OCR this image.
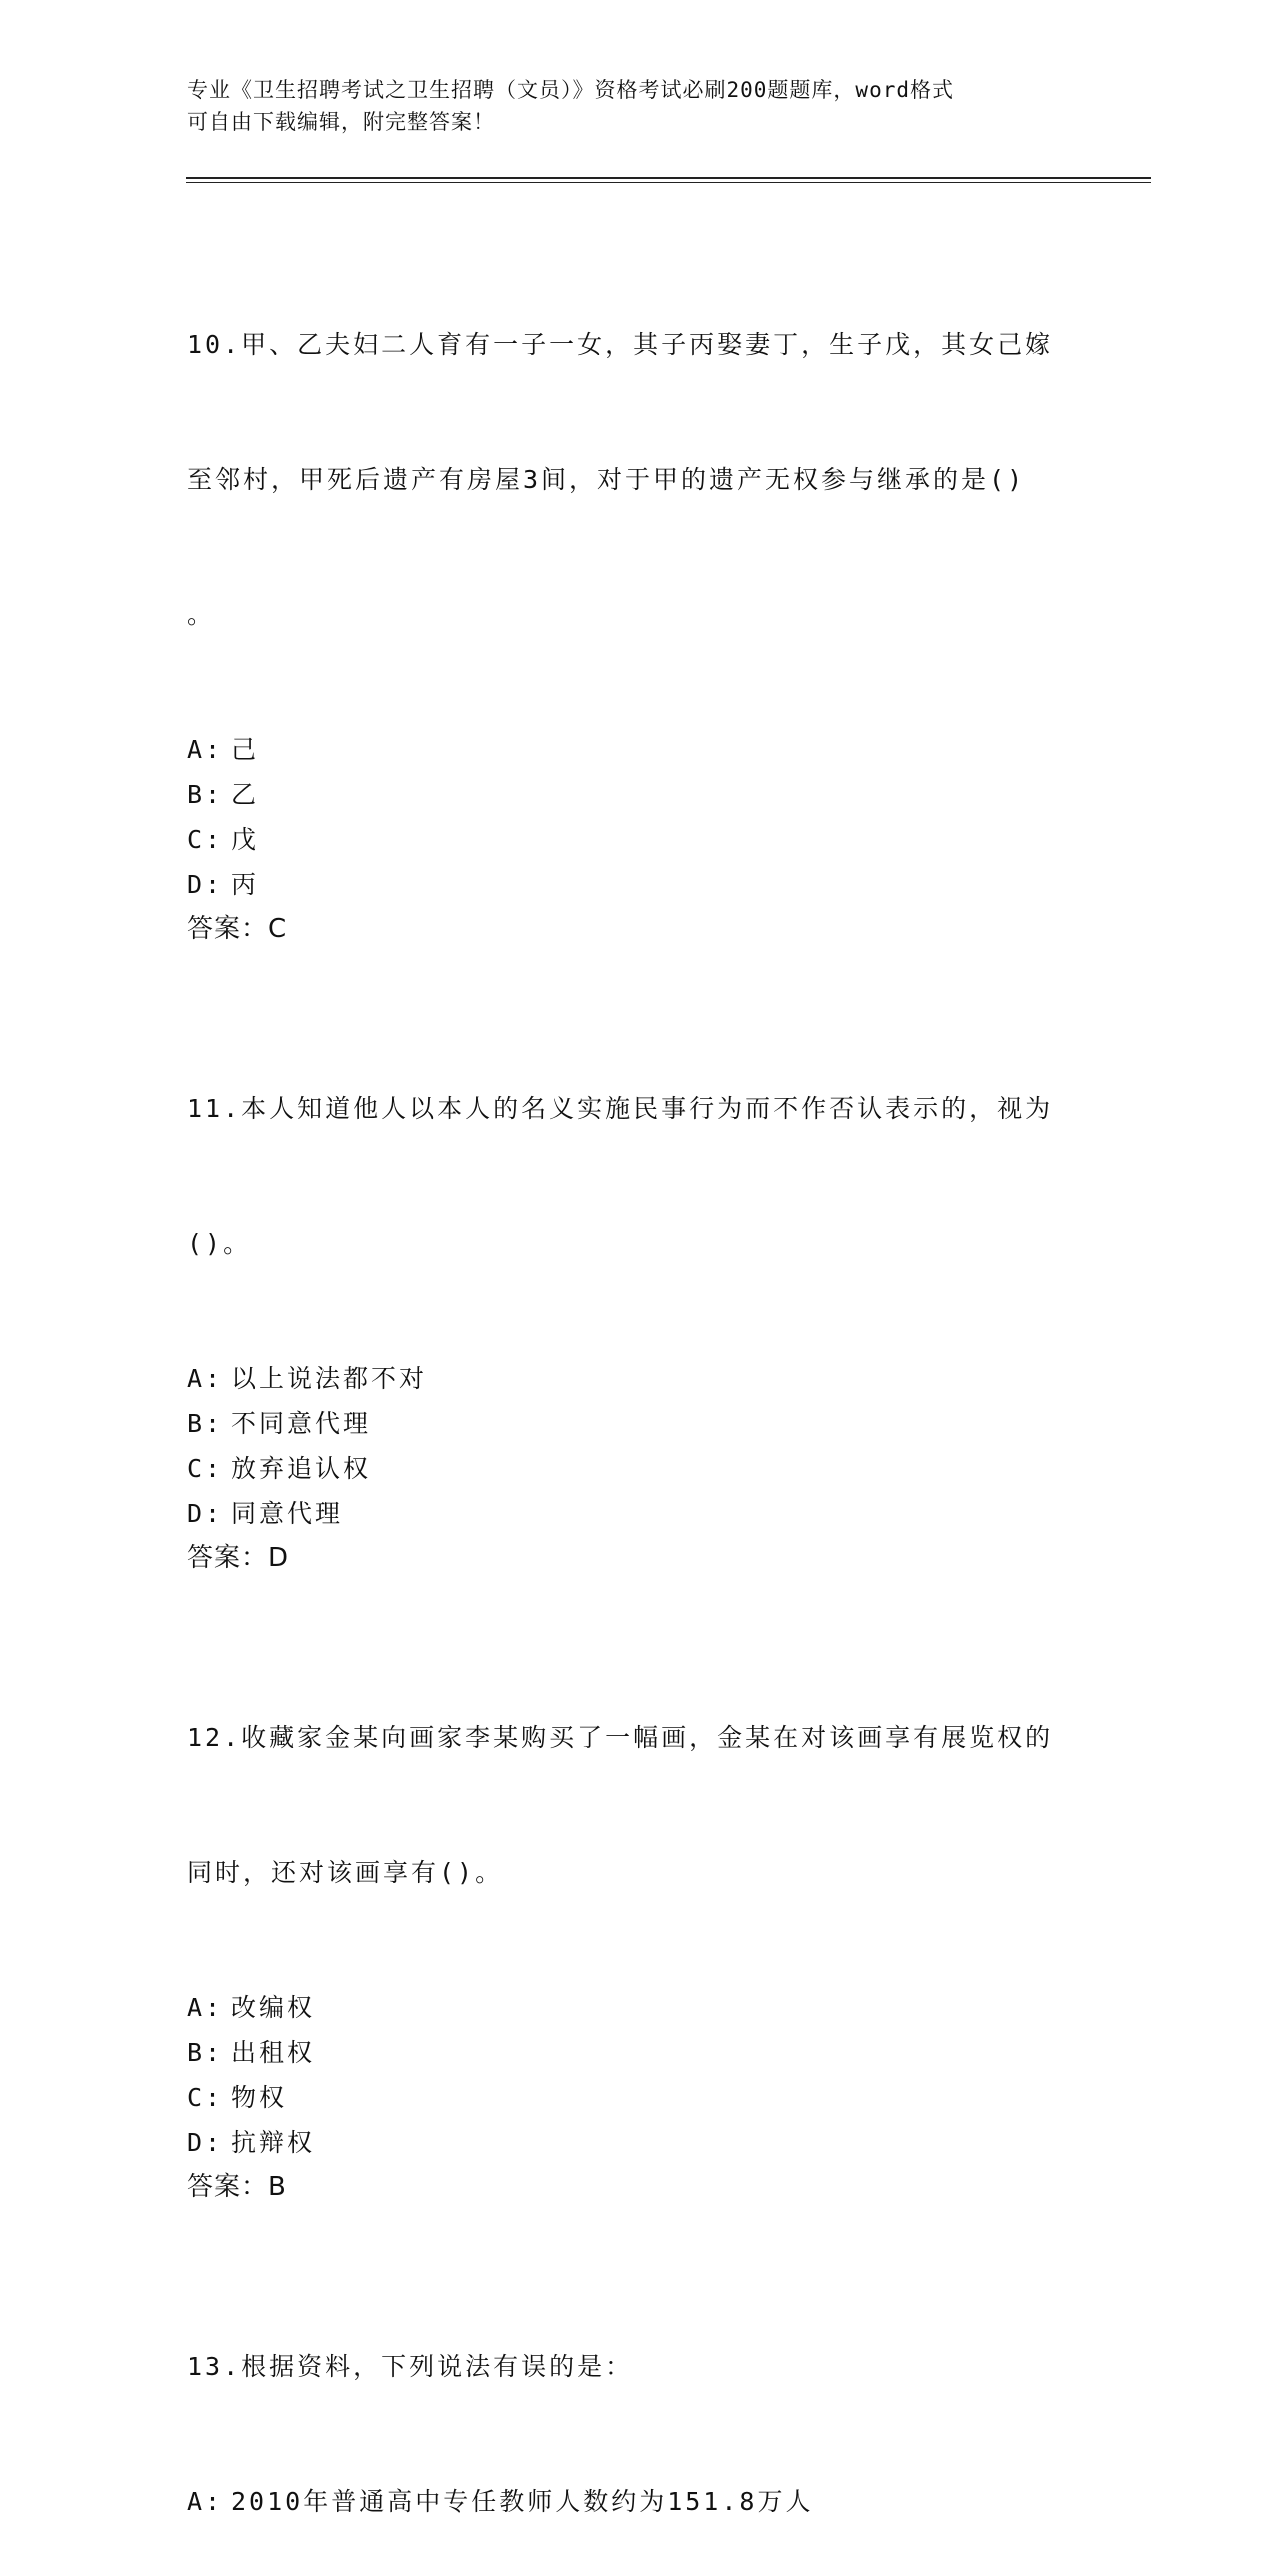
专业《卫生招聘考试之卫生招聘（文员）》资格考试必刷200题题库，word格式
可自由下载编辑，附完整答案！

10.甲、乙夫妇二人育有一子一女，其子丙娶妻丁，生子戊，其女己嫁

至邻村，甲死后遗产有房屋3间，对于甲的遗产无权参与继承的是()

。

A: 己
B: 乙
C: 戊
D: 丙
答案：C

11.本人知道他人以本人的名义实施民事行为而不作否认表示的，视为

()。

A: 以上说法都不对
B: 不同意代理
C: 放弃追认权
D: 同意代理
答案：D

12.收藏家金某向画家李某购买了一幅画，金某在对该画享有展览权的

同时，还对该画享有()。

A: 改编权
B: 出租权
C: 物权
D: 抗辩权
答案：B

13.根据资料，下列说法有误的是：

A: 2010年普通高中专任教师人数约为151.8万人
